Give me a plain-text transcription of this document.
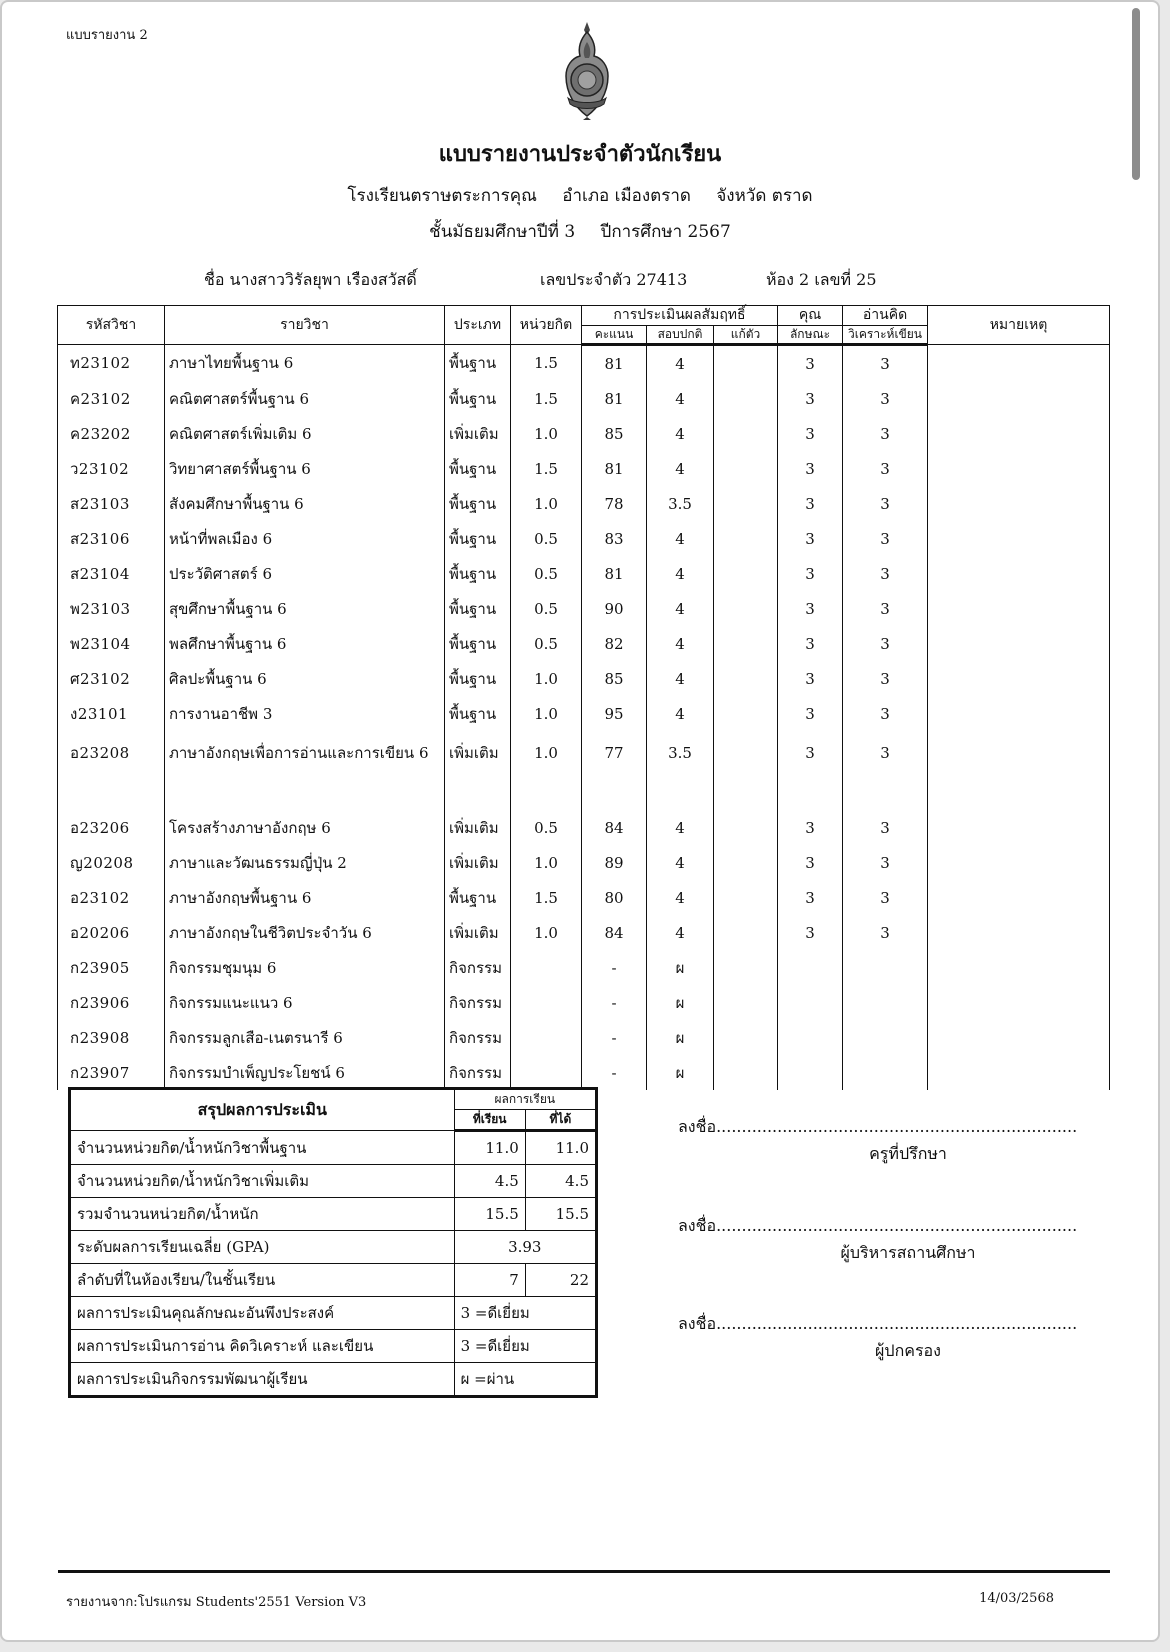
แบบรายงาน 2
แบบรายงานประจำตัวนักเรียน
โรงเรียนตราษตระการคุณ อำเภอ เมืองตราด จังหวัด ตราด
ชั้นมัธยมศึกษาปีที่ 3 ปีการศึกษา 2567
ชื่อ นางสาววิรัลยุพา เรืองสวัสดิ์	เลขประจำตัว 27413	ห้อง 2 เลขที่ 25
รหัสวิชา	รายวิชา	ประเภท	หน่วยกิต	การประเมินผลสัมฤทธิ์			คุณ	อ่านคิด	หมายเหตุ
				คะแนน	สอบปกติ	แก้ตัว	ลักษณะ	วิเคราะห์เขียน	
ท23102	ภาษาไทยพื้นฐาน 6	พื้นฐาน	1.5	81	4		3	3	
ค23102	คณิตศาสตร์พื้นฐาน 6	พื้นฐาน	1.5	81	4		3	3	
ค23202	คณิตศาสตร์เพิ่มเติม 6	เพิ่มเติม	1.0	85	4		3	3	
ว23102	วิทยาศาสตร์พื้นฐาน 6	พื้นฐาน	1.5	81	4		3	3	
ส23103	สังคมศึกษาพื้นฐาน 6	พื้นฐาน	1.0	78	3.5		3	3	
ส23106	หน้าที่พลเมือง 6	พื้นฐาน	0.5	83	4		3	3	
ส23104	ประวัติศาสตร์ 6	พื้นฐาน	0.5	81	4		3	3	
พ23103	สุขศึกษาพื้นฐาน 6	พื้นฐาน	0.5	90	4		3	3	
พ23104	พลศึกษาพื้นฐาน 6	พื้นฐาน	0.5	82	4		3	3	
ศ23102	ศิลปะพื้นฐาน 6	พื้นฐาน	1.0	85	4		3	3	
ง23101	การงานอาชีพ 3	พื้นฐาน	1.0	95	4		3	3	
อ23208	ภาษาอังกฤษเพื่อการอ่านและการเขียน 6	เพิ่มเติม	1.0	77	3.5		3	3	
อ23206	โครงสร้างภาษาอังกฤษ 6	เพิ่มเติม	0.5	84	4		3	3	
ญ20208	ภาษาและวัฒนธรรมญี่ปุ่น 2	เพิ่มเติม	1.0	89	4		3	3	
อ23102	ภาษาอังกฤษพื้นฐาน 6	พื้นฐาน	1.5	80	4		3	3	
อ20206	ภาษาอังกฤษในชีวิตประจำวัน 6	เพิ่มเติม	1.0	84	4		3	3	
ก23905	กิจกรรมชุมนุม 6	กิจกรรม		-	ผ				
ก23906	กิจกรรมแนะแนว 6	กิจกรรม		-	ผ				
ก23908	กิจกรรมลูกเสือ-เนตรนารี 6	กิจกรรม		-	ผ				
ก23907	กิจกรรมบำเพ็ญประโยชน์ 6	กิจกรรม		-	ผ				
สรุปผลการประเมิน	ผลการเรียน	
	ที่เรียน	ที่ได้
จำนวนหน่วยกิต/น้ำหนักวิชาพื้นฐาน	11.0	11.0
จำนวนหน่วยกิต/น้ำหนักวิชาเพิ่มเติม	4.5	4.5
รวมจำนวนหน่วยกิต/น้ำหนัก	15.5	15.5
ระดับผลการเรียนเฉลี่ย (GPA)	3.93	
ลำดับที่ในห้องเรียน/ในชั้นเรียน	7	22
ผลการประเมินคุณลักษณะอันพึงประสงค์	3 =ดีเยี่ยม	
ผลการประเมินการอ่าน คิดวิเคราะห์ และเขียน	3 =ดีเยี่ยม	
ผลการประเมินกิจกรรมพัฒนาผู้เรียน	ผ =ผ่าน	
ลงชื่อ.......................................................................
ครูที่ปรึกษา
ลงชื่อ.......................................................................
ผู้บริหารสถานศึกษา
ลงชื่อ.......................................................................
ผู้ปกครอง
รายงานจาก:โปรแกรม Students'2551 Version V3	14/03/2568
